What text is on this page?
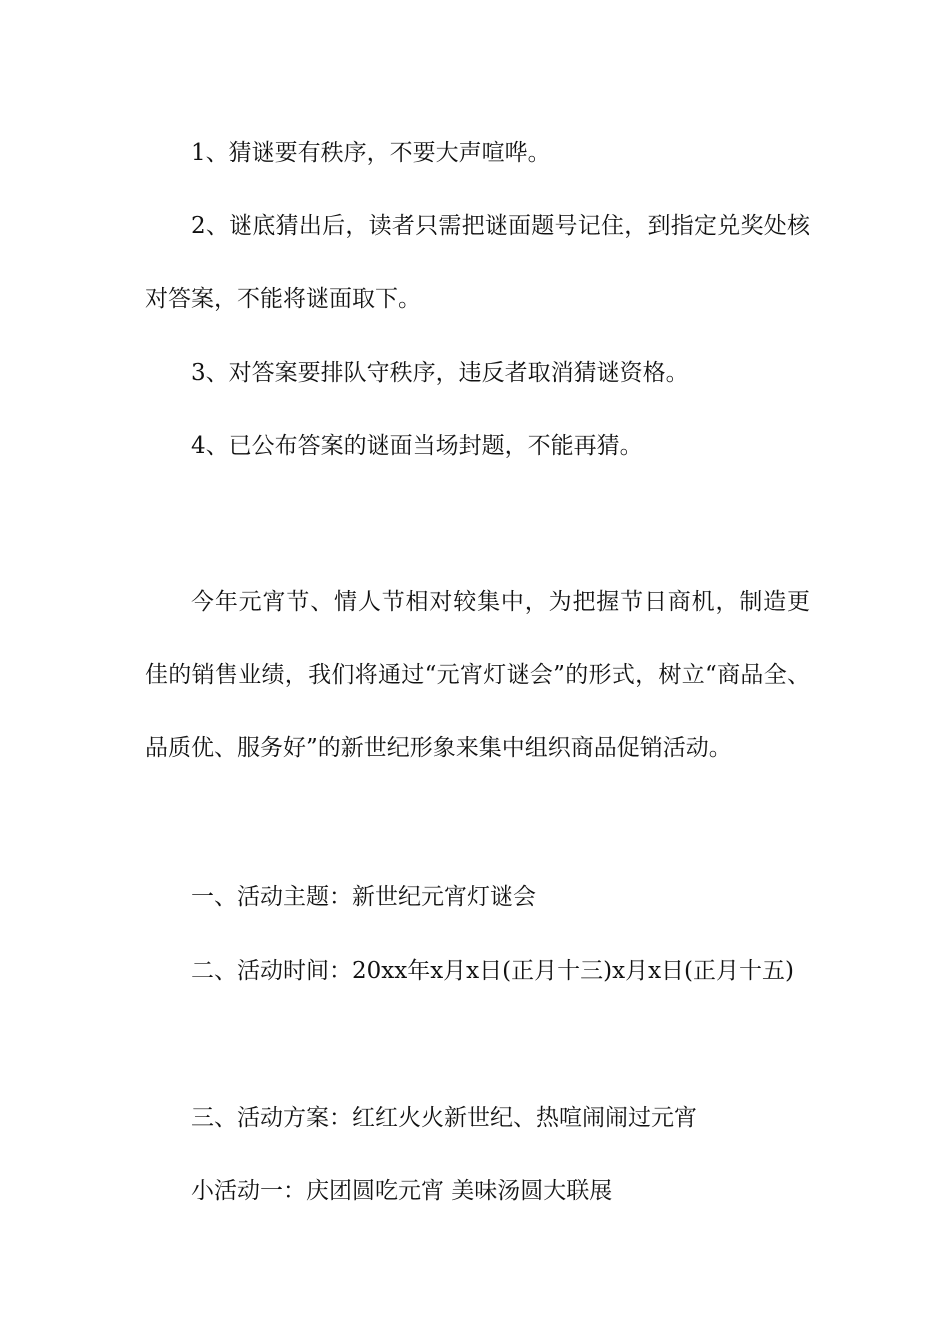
1、猜谜要有秩序，不要大声喧哗。

2、谜底猜出后，读者只需把谜面题号记住，到指定兑奖处核对答案，不能将谜面取下。

3、对答案要排队守秩序，违反者取消猜谜资格。

4、已公布答案的谜面当场封题，不能再猜。

今年元宵节、情人节相对较集中，为把握节日商机，制造更佳的销售业绩，我们将通过“元宵灯谜会”的形式，树立“商品全、品质优、服务好”的新世纪形象来集中组织商品促销活动。

一、活动主题：新世纪元宵灯谜会

二、活动时间：20xx年x月x日(正月十三)x月x日(正月十五)

三、活动方案：红红火火新世纪、热喧闹闹过元宵

小活动一：庆团圆吃元宵 美味汤圆大联展
